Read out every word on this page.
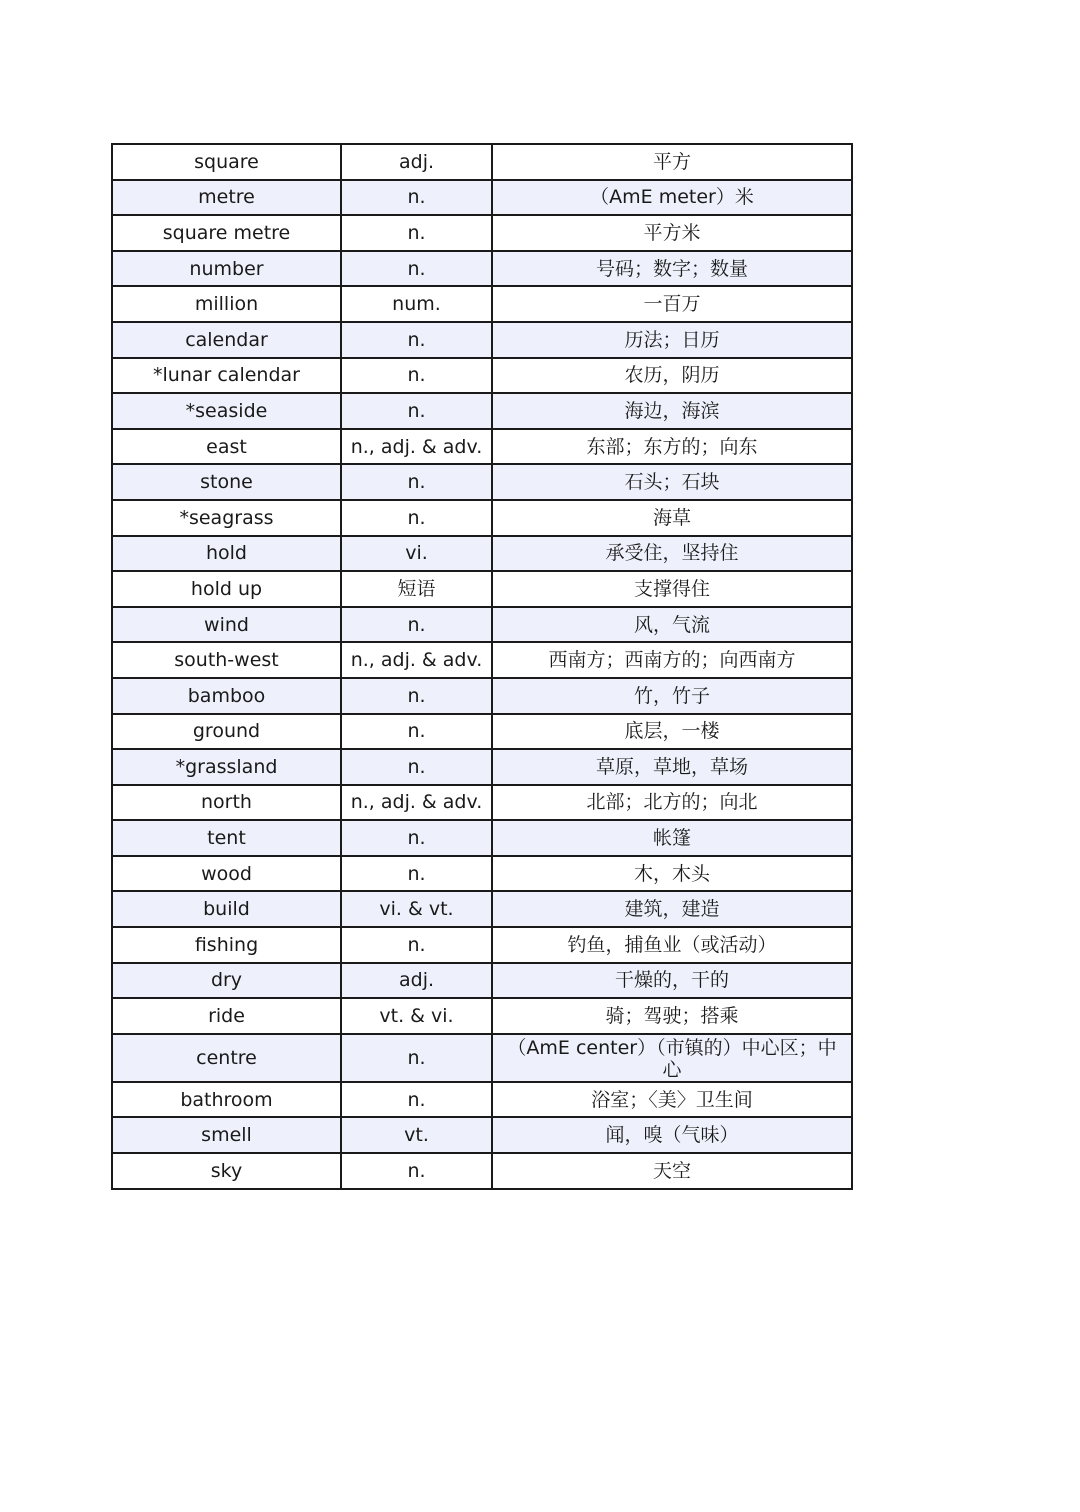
square	adj.	平方
metre	n.	（AmE meter）米
square metre	n.	平方米
number	n.	号码；数字；数量
million	num.	一百万
calendar	n.	历法；日历
*lunar calendar	n.	农历，阴历
*seaside	n.	海边，海滨
east	n., adj. & adv.	东部；东方的；向东
stone	n.	石头；石块
*seagrass	n.	海草
hold	vi.	承受住，坚持住
hold up	短语	支撑得住
wind	n.	风，气流
south-west	n., adj. & adv.	西南方；西南方的；向西南方
bamboo	n.	竹，竹子
ground	n.	底层，一楼
*grassland	n.	草原，草地，草场
north	n., adj. & adv.	北部；北方的；向北
tent	n.	帐篷
wood	n.	木，木头
build	vi. & vt.	建筑，建造
fishing	n.	钓鱼，捕鱼业（或活动）
dry	adj.	干燥的，干的
ride	vt. & vi.	骑；驾驶；搭乘
centre	n.	（AmE center）（市镇的）中心区；中心
bathroom	n.	浴室；〈美〉卫生间
smell	vt.	闻，嗅（气味）
sky	n.	天空
